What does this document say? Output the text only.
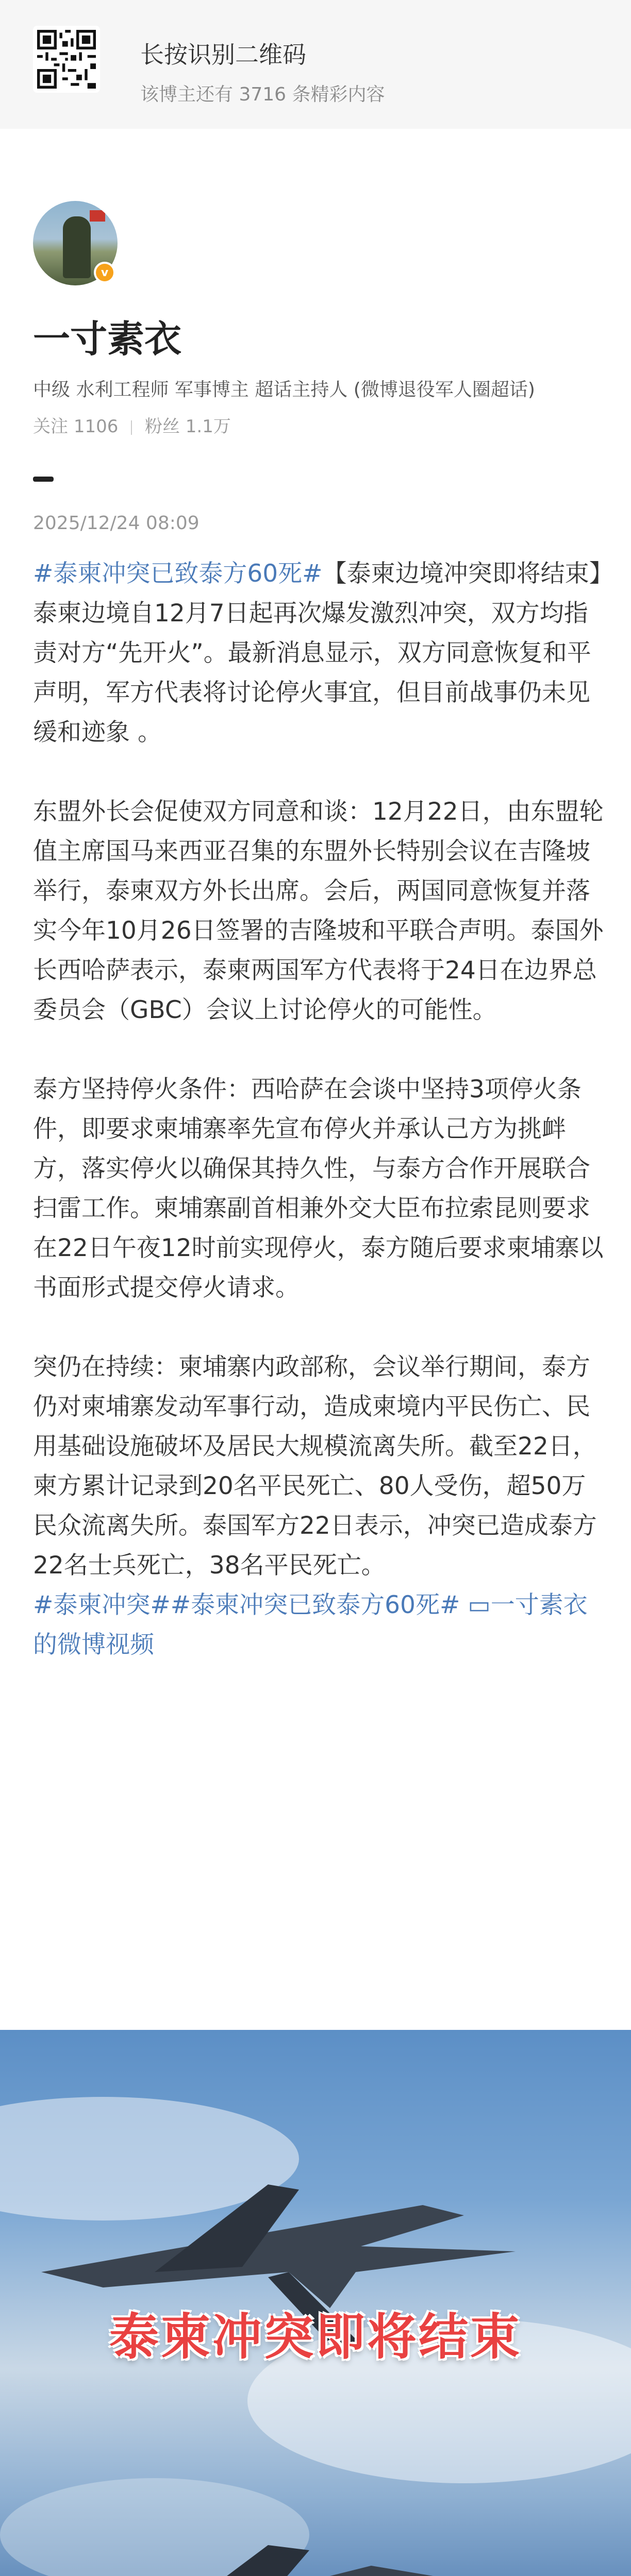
长按识别二维码
该博主还有 3716 条精彩内容
v
一寸素衣
中级 水利工程师 军事博主 超话主持人 (微博退役军人圈超话)
关注 1106 粉丝 1.1万
2025/12/24 08:09

#泰柬冲突已致泰方60死#【泰柬边境冲突即将结束】泰柬边境自12月7日起再次爆发激烈冲突，双方均指责对方“先开火”。最新消息显示，双方同意恢复和平声明，军方代表将讨论停火事宜，但目前战事仍未见缓和迹象 。

东盟外长会促使双方同意和谈：12月22日，由东盟轮值主席国马来西亚召集的东盟外长特别会议在吉隆坡举行，泰柬双方外长出席。会后，两国同意恢复并落实今年10月26日签署的吉隆坡和平联合声明。泰国外长西哈萨表示，泰柬两国军方代表将于24日在边界总委员会（GBC）会议上讨论停火的可能性。

泰方坚持停火条件：西哈萨在会谈中坚持3项停火条件，即要求柬埔寨率先宣布停火并承认己方为挑衅方，落实停火以确保其持久性，与泰方合作开展联合扫雷工作。柬埔寨副首相兼外交大臣布拉索昆则要求在22日午夜12时前实现停火，泰方随后要求柬埔寨以书面形式提交停火请求。

突仍在持续：柬埔寨内政部称，会议举行期间，泰方仍对柬埔寨发动军事行动，造成柬境内平民伤亡、民用基础设施破坏及居民大规模流离失所。截至22日，柬方累计记录到20名平民死亡、80人受伤，超50万民众流离失所。泰国军方22日表示，冲突已造成泰方22名士兵死亡，38名平民死亡。
#泰柬冲突##泰柬冲突已致泰方60死# ▭一寸素衣的微博视频

泰柬冲突即将结束
